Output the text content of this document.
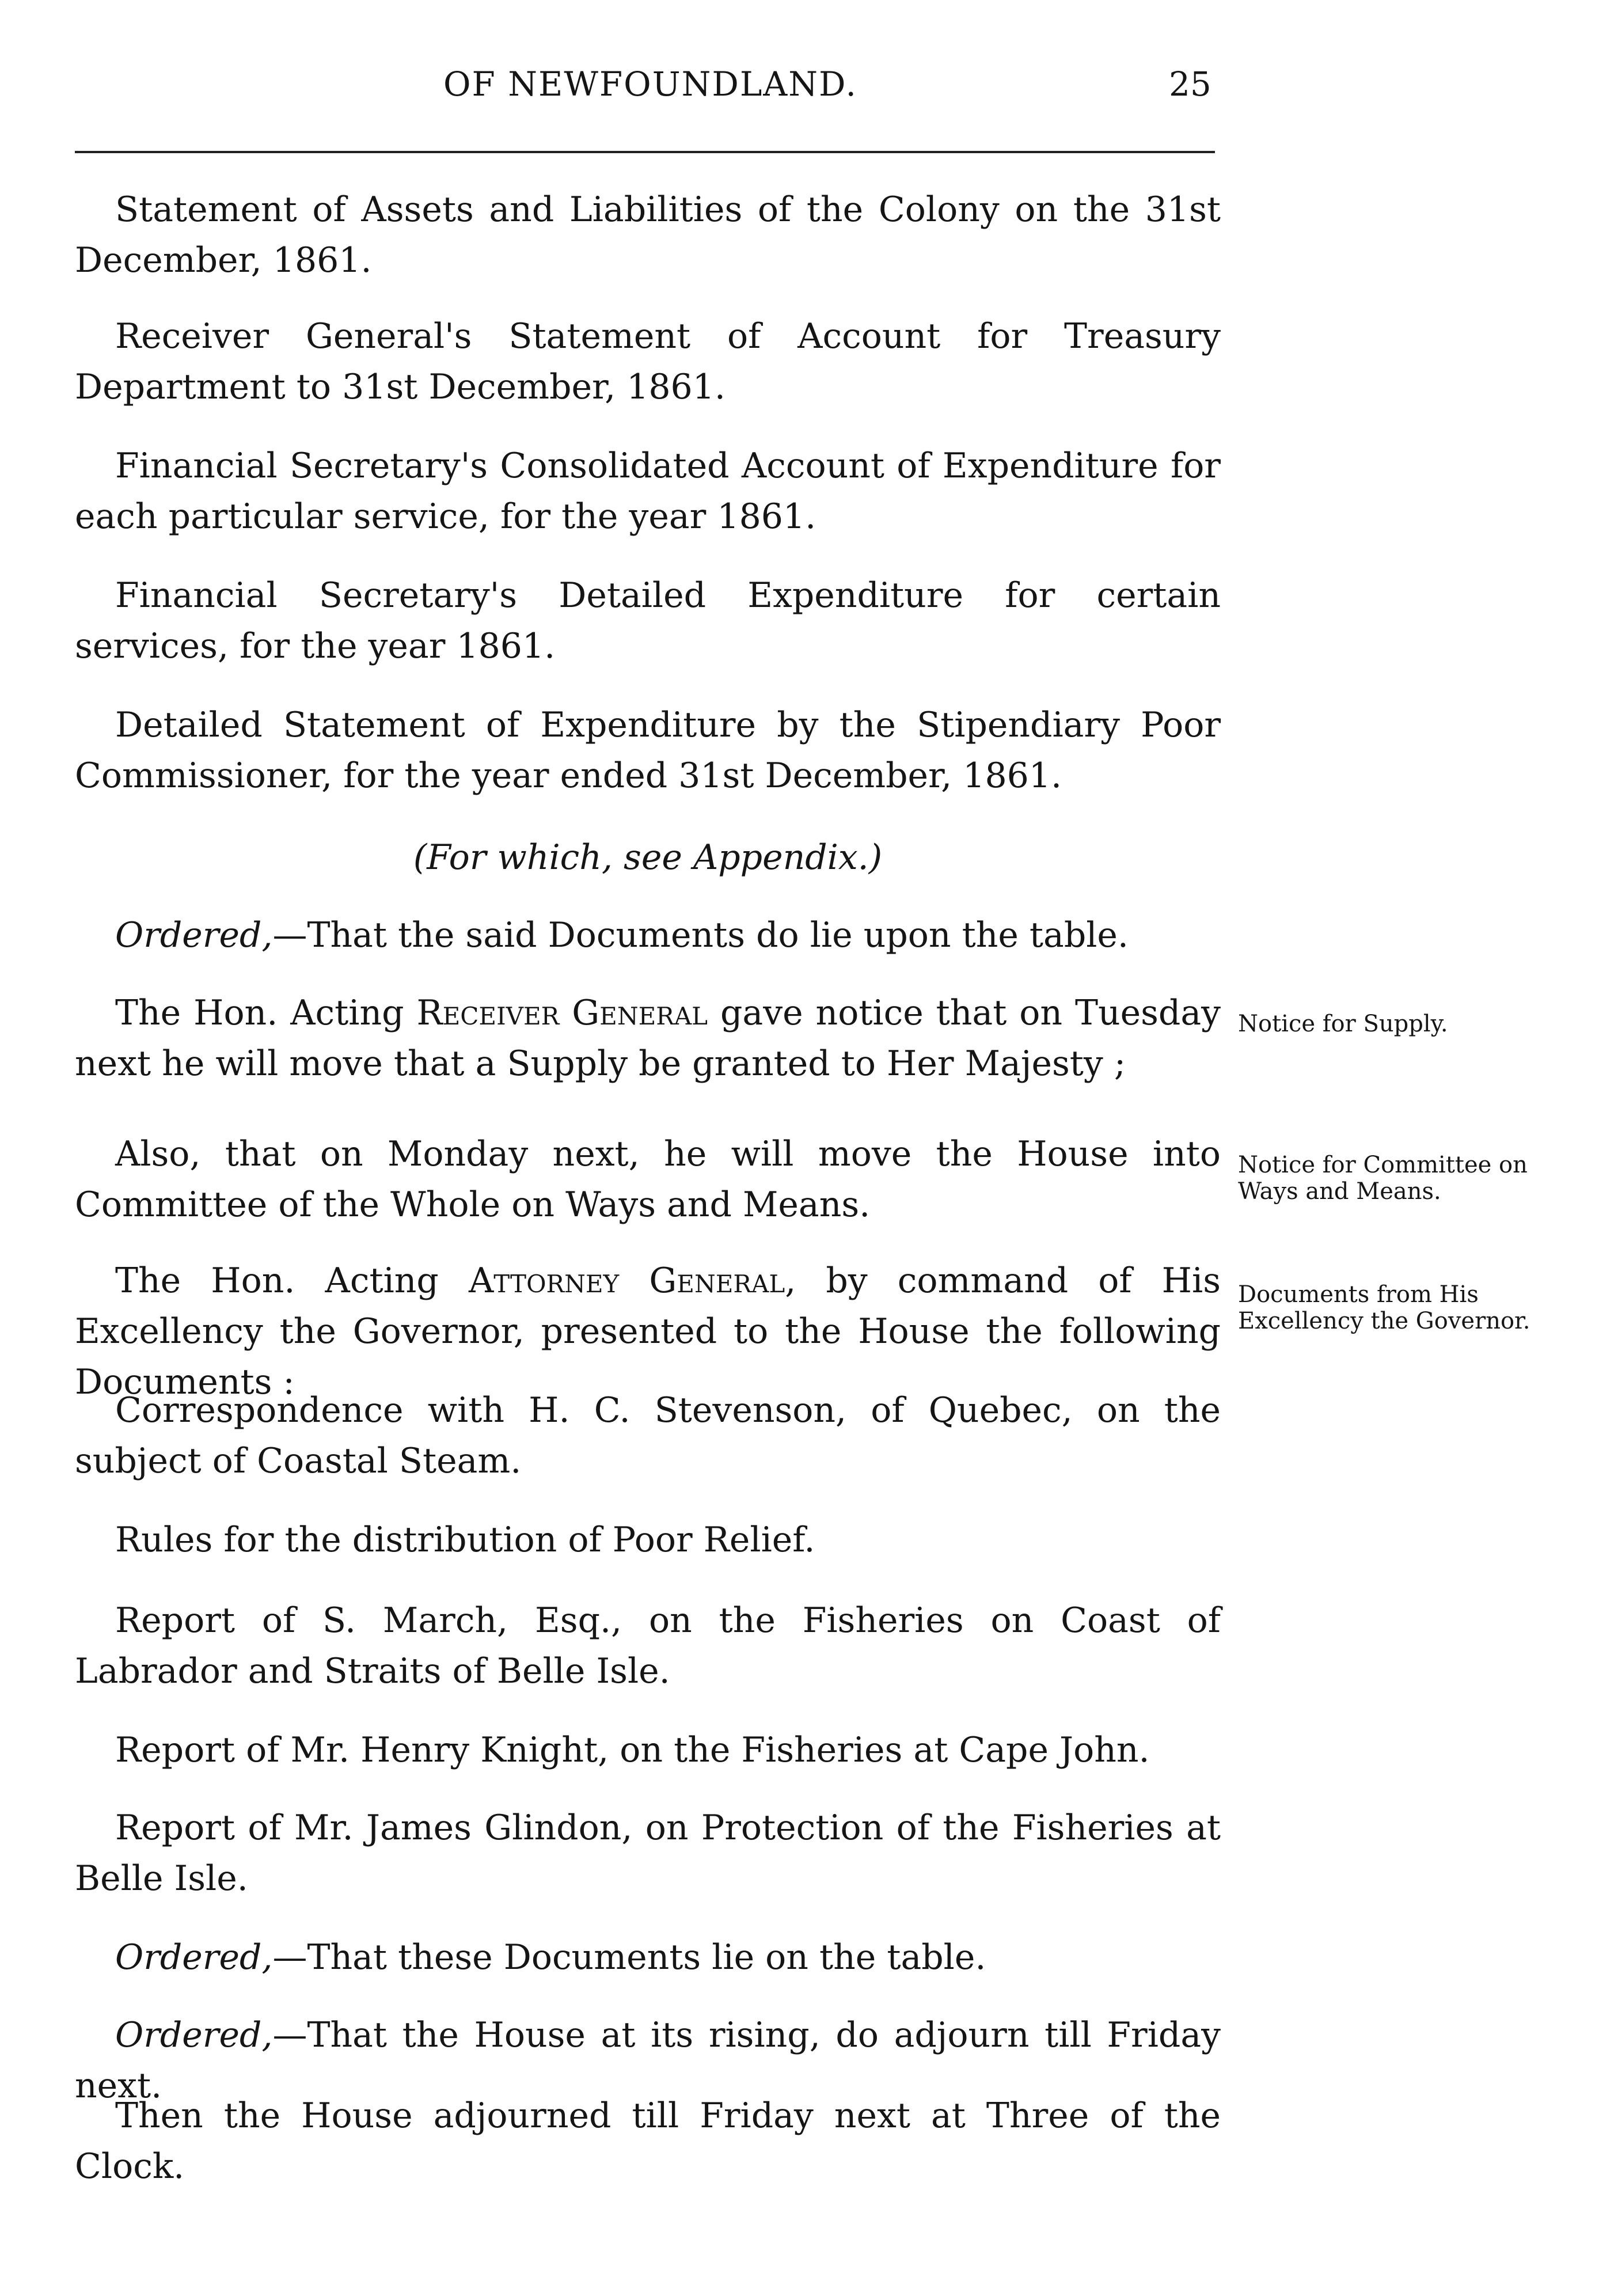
OF NEWFOUNDLAND.	25
Statement of Assets and Liabilities of the Colony on the 31st December, 1861.
Receiver General's Statement of Account for Treasury Department to 31st December, 1861.
Financial Secretary's Consolidated Account of Expenditure for each particular service, for the year 1861.
Financial Secretary's Detailed Expenditure for certain services, for the year 1861.
Detailed Statement of Expenditure by the Stipendiary Poor Commissioner, for the year ended 31st December, 1861.
(For which, see Appendix.)
Ordered,—That the said Documents do lie upon the table.
The Hon. Acting Receiver General gave notice that on Tuesday next he will move that a Supply be granted to Her Majesty ;
Notice for Supply.
Also, that on Monday next, he will move the House into Committee of the Whole on Ways and Means.
Notice for Committee on Ways and Means.
The Hon. Acting Attorney General, by command of His Excellency the Governor, presented to the House the following Documents :
Documents from His Excellency the Governor.
Correspondence with H. C. Stevenson, of Quebec, on the subject of Coastal Steam.
Rules for the distribution of Poor Relief.
Report of S. March, Esq., on the Fisheries on Coast of Labrador and Straits of Belle Isle.
Report of Mr. Henry Knight, on the Fisheries at Cape John.
Report of Mr. James Glindon, on Protection of the Fisheries at Belle Isle.
Ordered,—That these Documents lie on the table.
Ordered,—That the House at its rising, do adjourn till Friday next.
Then the House adjourned till Friday next at Three of the Clock.
